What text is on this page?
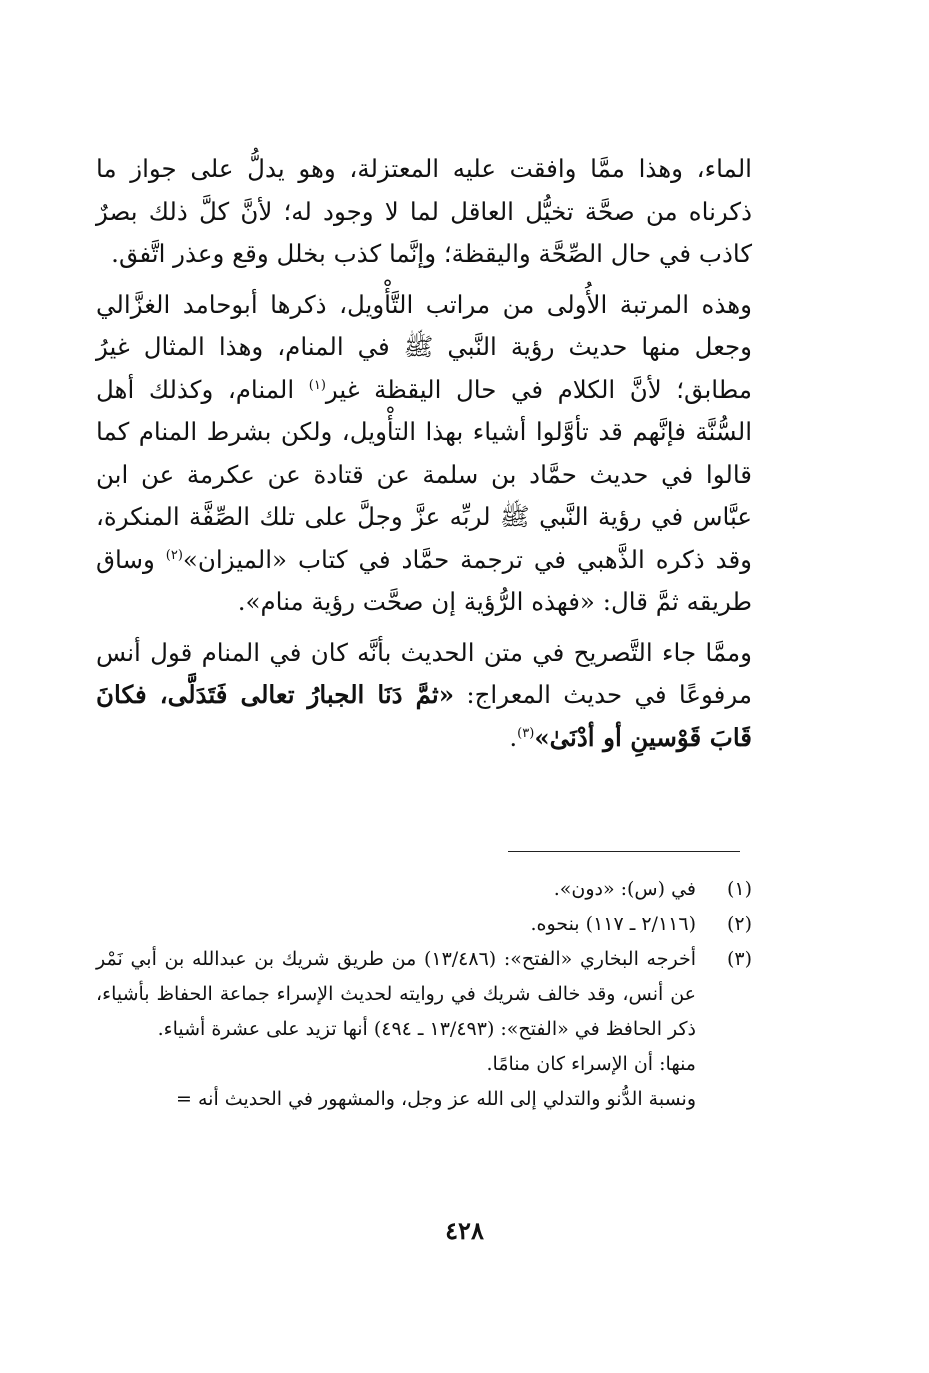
الماء، وهذا ممَّا وافقت عليه المعتزلة، وهو يدلُّ على جواز ما ذكرناه من صحَّة تخيُّل العاقل لما لا وجود له؛ لأنَّ كلَّ ذلك بصرٌ كاذب في حال الصِّحَّة واليقظة؛ وإنَّما كذب بخلل وقع وعذر اتَّفق.

وهذه المرتبة الأُولى من مراتب التَّأْويل، ذكرها أبوحامد الغزَّالي وجعل منها حديث رؤية النَّبي ﷺ في المنام، وهذا المثال غيرُ مطابق؛ لأنَّ الكلام في حال اليقظة غير$^{(١)}$ المنام، وكذلك أهل السُّنَّة فإنَّهم قد تأوَّلوا أشياء بهذا التأْويل، ولكن بشرط المنام كما قالوا في حديث حمَّاد بن سلمة عن قتادة عن عكرمة عن ابن عبَّاس في رؤية النَّبي ﷺ لربِّه عزَّ وجلَّ على تلك الصِّفَّة المنكرة، وقد ذكره الذَّهبي في ترجمة حمَّاد في كتاب «الميزان»$^{(٢)}$ وساق طريقه ثمَّ قال: «فهذه الرُّؤية إن صحَّت رؤية منام».

وممَّا جاء التَّصريح في متن الحديث بأنَّه كان في المنام قول أنس مرفوعًا في حديث المعراج: «ثمَّ دَنَا الجبارُ تعالى فَتَدَلَّى، فكانَ قَابَ قَوْسينِ أو أدْنَىٰ»$^{(٣)}$.

(١)
في (س): «دون».
(٢)
(٢/١١٦ ـ ١١٧) بنحوه.
(٣)
أخرجه البخاري «الفتح»: (١٣/٤٨٦) من طريق شريك بن عبدالله بن أبي نَمْر عن أنس، وقد خالف شريك في روايته لحديث الإسراء جماعة الحفاظ بأشياء، ذكر الحافظ في «الفتح»: (١٣/٤٩٣ ـ ٤٩٤) أنها تزيد على عشرة أشياء.
منها: أن الإسراء كان منامًا.
ونسبة الدُّنو والتدلي إلى الله عز وجل، والمشهور في الحديث أنه =
٤٢٨
